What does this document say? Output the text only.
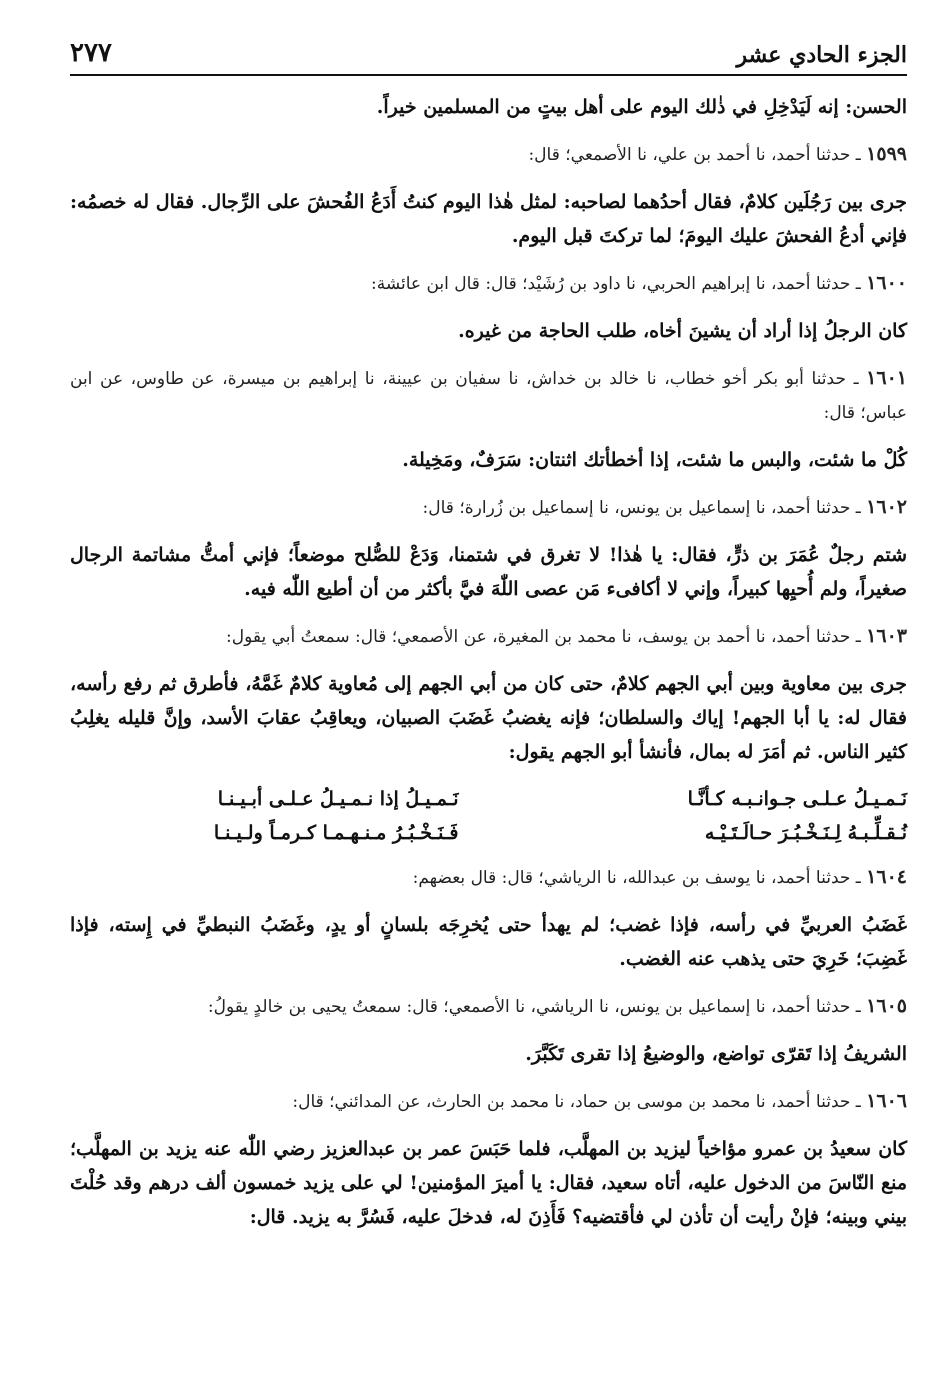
الجزء الحادي عشر
٢٧٧

الحسن: إنه لَيَدْخِلِ في ذٰلك اليوم على أهل بيتٍ من المسلمين خيراً.

١٥٩٩ ـ حدثنا أحمد، نا أحمد بن علي، نا الأصمعي؛ قال:

جرى بين رَجُلَين كلامٌ، فقال أحدُهما لصاحبه: لمثل هٰذا اليوم كنتُ أَدَعُ الفُحشَ على الرِّجال. فقال له خصمُه: فإني أدعُ الفحشَ عليك اليومَ؛ لما تركتَ قبل اليوم.

١٦٠٠ ـ حدثنا أحمد، نا إبراهيم الحربي، نا داود بن رُشَيْد؛ قال: قال ابن عائشة:

كان الرجلُ إذا أراد أن يشينَ أخاه، طلب الحاجة من غيره.

١٦٠١ ـ حدثنا أبو بكر أخو خطاب، نا خالد بن خداش، نا سفيان بن عيينة، نا إبراهيم بن ميسرة، عن طاوس، عن ابن عباس؛ قال:

كُلْ ما شئت، والبس ما شئت، إذا أخطأتك اثنتان: سَرَفٌ، ومَخِيلة.

١٦٠٢ ـ حدثنا أحمد، نا إسماعيل بن يونس، نا إسماعيل بن زُرارة؛ قال:

شتم رجلٌ عُمَرَ بن ذرٍّ، فقال: يا هٰذا! لا تغرق في شتمنا، وَدَعْ للصُّلح موضعاً؛ فإني أمتُّ مشاتمة الرجال صغيراً، ولم أُحيِها كبيراً، وإني لا أكافىء مَن عصى اللّٰهَ فيَّ بأكثر من أن أطيع اللّٰه فيه.

١٦٠٣ ـ حدثنا أحمد، نا أحمد بن يوسف، نا محمد بن المغيرة، عن الأصمعي؛ قال: سمعتُ أبي يقول:

جرى بين معاوية وبين أبي الجهم كلامٌ، حتى كان من أبي الجهم إلى مُعاوية كلامٌ غَمَّهُ، فأطرق ثم رفع رأسه، فقال له: يا أبا الجهم! إياك والسلطان؛ فإنه يغضبُ غَضَبَ الصبيان، ويعاقِبُ عقابَ الأسد، وإنَّ قليله يغلِبُ كثير الناس. ثم أمَرَ له بمال، فأنشأ أبو الجهم يقول:

نَـمـيـلُ عـلـى جـوانـبـه كـأنَّـا
نَـمـيـلُ إذا نـمـيـلُ عـلـى أبـيـنـا
نُـقـلِّـبـهُ لِـنَـخْـبُـرَ حـالَـتَـيْـه
فَـنَـخْـبُـرُ مـنـهـمـا كـرمـاً ولـيـنـا

١٦٠٤ ـ حدثنا أحمد، نا يوسف بن عبدالله، نا الرياشي؛ قال: قال بعضهم:

غَضَبُ العربيِّ في رأسه، فإذا غضب؛ لم يهدأ حتى يُخرِجَه بلسانٍ أو يدٍ، وغَضَبُ النبطيِّ في إِسته، فإذا غَضِبَ؛ خَرِيَ حتى يذهب عنه الغضب.

١٦٠٥ ـ حدثنا أحمد، نا إسماعيل بن يونس، نا الرياشي، نا الأصمعي؛ قال: سمعتُ يحيى بن خالدٍ يقولُ:

الشريفُ إذا تَقرّى تواضع، والوضيعُ إذا تقرى تَكَبَّرَ.

١٦٠٦ ـ حدثنا أحمد، نا محمد بن موسى بن حماد، نا محمد بن الحارث، عن المدائني؛ قال:

كان سعيدُ بن عمرو مؤاخياً ليزيد بن المهلَّب، فلما حَبَسَ عمر بن عبدالعزيز رضي اللّٰه عنه يزيد بن المهلَّب؛ منع النّاسَ من الدخول عليه، أتاه سعيد، فقال: يا أميرَ المؤمنين! لي على يزيد خمسون ألف درهم وقد حُلْتَ بيني وبينه؛ فإنْ رأيت أن تأذن لي فأقتضيه؟ فَأَذِنَ له، فدخلَ عليه، فَسُرَّ به يزيد. قال:
